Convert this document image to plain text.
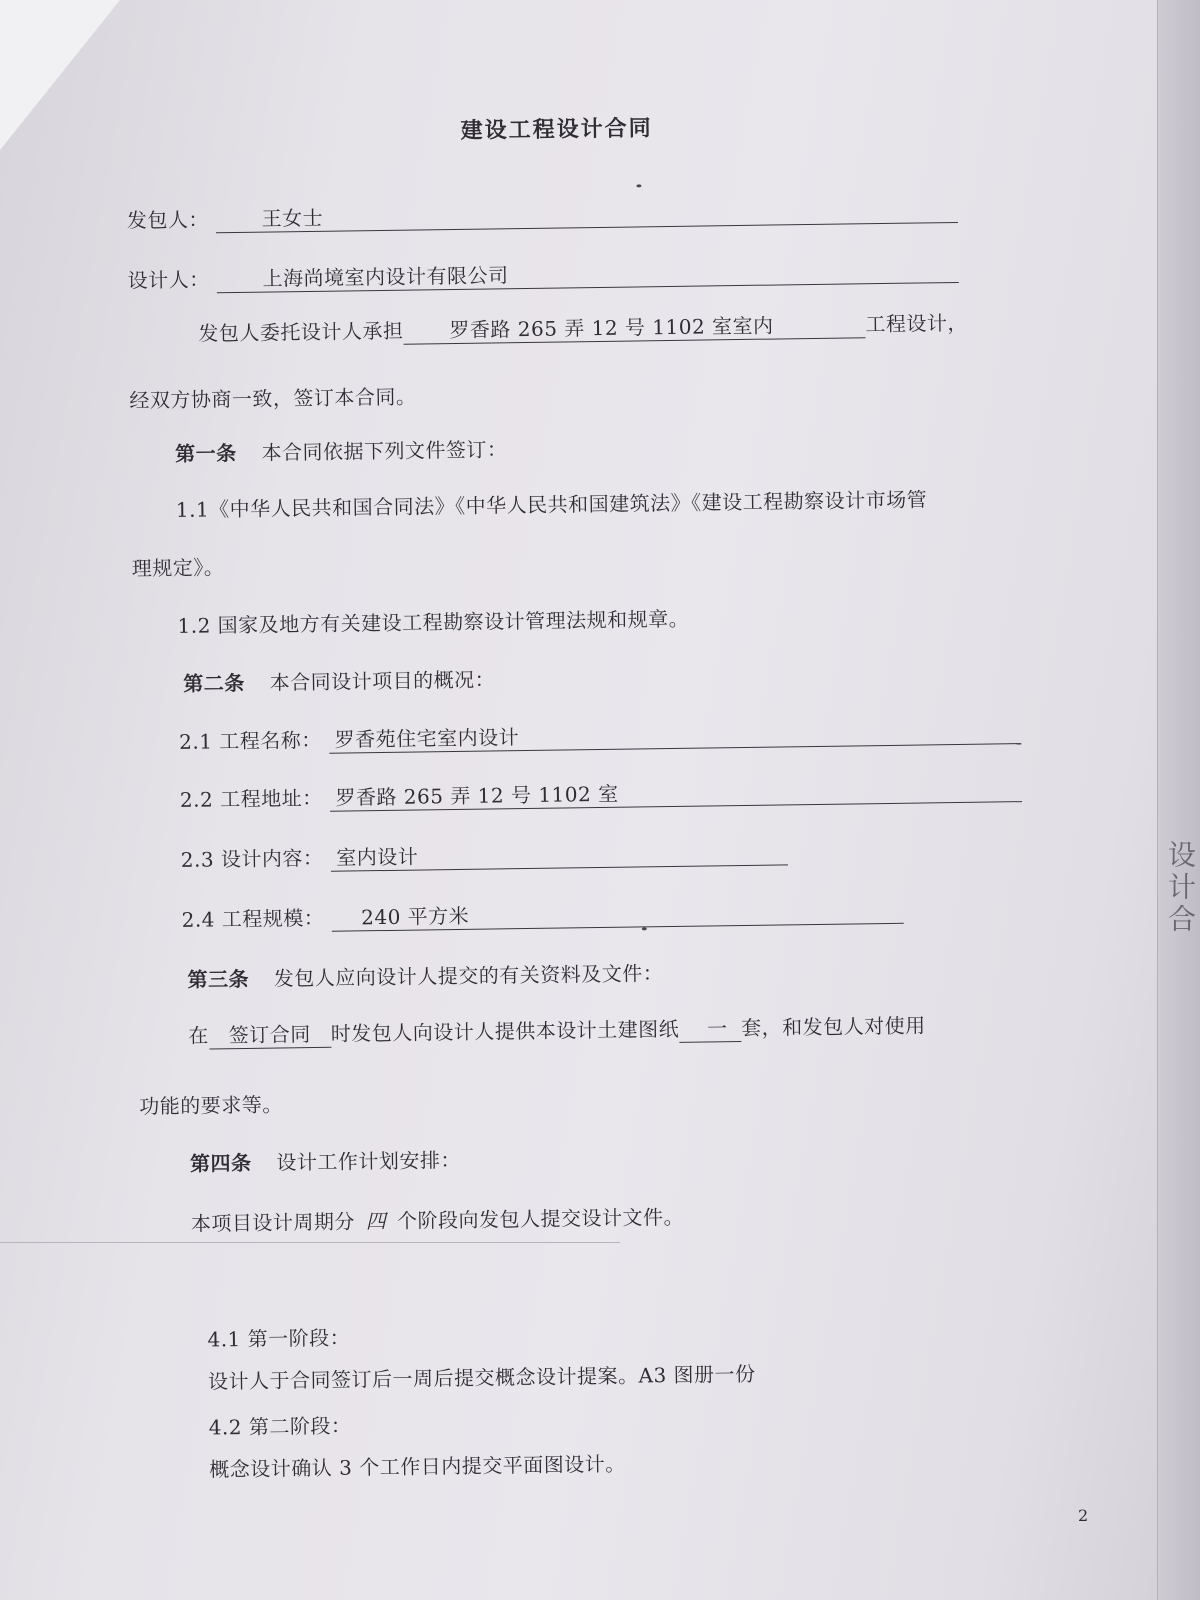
建设工程设计合同
发包人：	王女士
设计人：	上海尚境室内设计有限公司
发包人委托设计人承担 罗香路 265 弄 12 号 1102 室室内	工程设计，
经双方协商一致，签订本合同。
第一条 本合同依据下列文件签订：
1.1《中华人民共和国合同法》《中华人民共和国建筑法》《建设工程勘察设计市场管
理规定》。
1.2 国家及地方有关建设工程勘察设计管理法规和规章。
第二条 本合同设计项目的概况：
2.1 工程名称： 罗香苑住宅室内设计
2.2 工程地址： 罗香路 265 弄 12 号 1102 室
2.3 设计内容： 室内设计
2.4 工程规模： 240 平方米
第三条 发包人应向设计人提交的有关资料及文件：
在 签订合同 时发包人向设计人提供本设计土建图纸 一 套，和发包人对使用
功能的要求等。
第四条 设计工作计划安排：
本项目设计周期分 四 个阶段向发包人提交设计文件。
4.1 第一阶段：
设计人于合同签订后一周后提交概念设计提案。A3 图册一份
4.2 第二阶段：
概念设计确认 3 个工作日内提交平面图设计。
2
设计合
